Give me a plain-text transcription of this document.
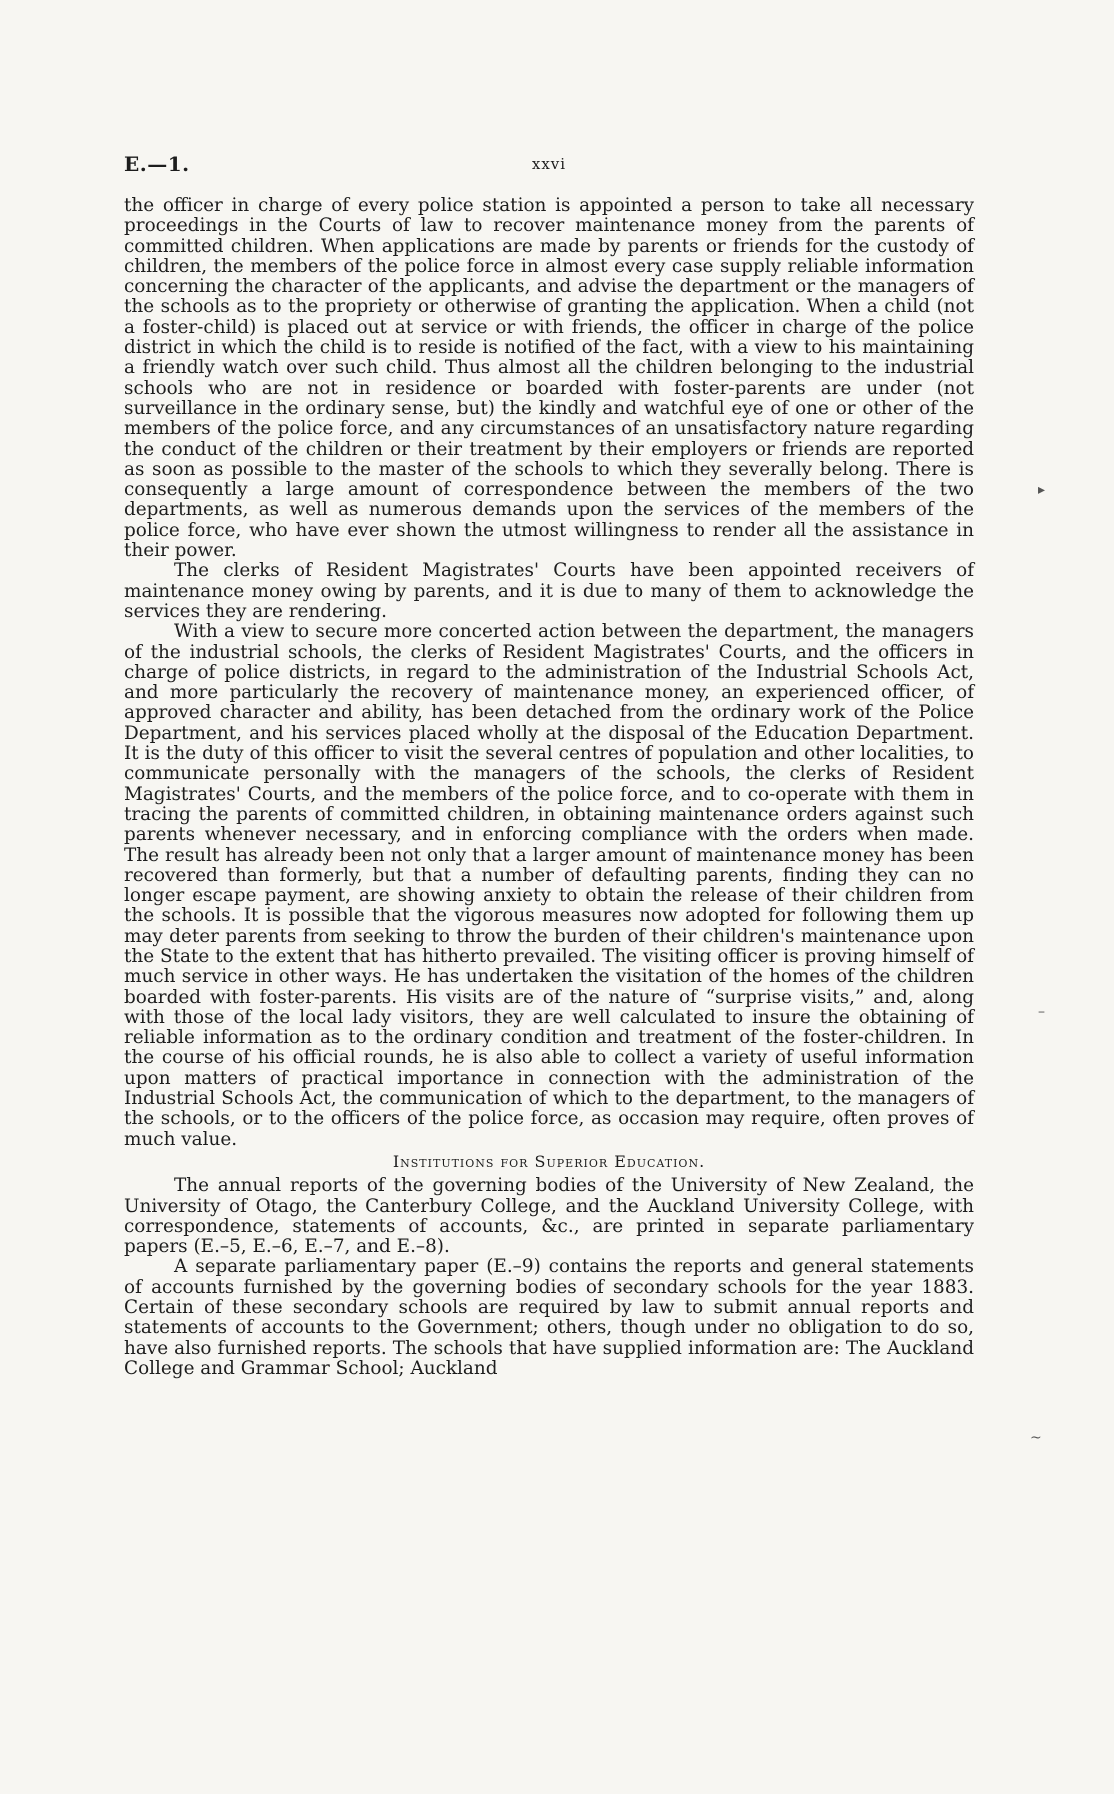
E.—1.	xxvi

the officer in charge of every police station is appointed a person to take all necessary proceedings in the Courts of law to recover maintenance money from the parents of committed children. When applications are made by parents or friends for the custody of children, the members of the police force in almost every case supply reliable information concerning the character of the applicants, and advise the department or the managers of the schools as to the propriety or otherwise of granting the application. When a child (not a foster-child) is placed out at service or with friends, the officer in charge of the police district in which the child is to reside is notified of the fact, with a view to his maintaining a friendly watch over such child. Thus almost all the children belonging to the industrial schools who are not in residence or boarded with foster-parents are under (not surveillance in the ordinary sense, but) the kindly and watchful eye of one or other of the members of the police force, and any circumstances of an unsatisfactory nature regarding the conduct of the children or their treatment by their employers or friends are reported as soon as possible to the master of the schools to which they severally belong. There is consequently a large amount of correspondence between the members of the two departments, as well as numerous demands upon the services of the members of the police force, who have ever shown the utmost willingness to render all the assistance in their power.

The clerks of Resident Magistrates' Courts have been appointed receivers of maintenance money owing by parents, and it is due to many of them to acknowledge the services they are rendering.

With a view to secure more concerted action between the department, the managers of the industrial schools, the clerks of Resident Magistrates' Courts, and the officers in charge of police districts, in regard to the administration of the Industrial Schools Act, and more particularly the recovery of maintenance money, an experienced officer, of approved character and ability, has been detached from the ordinary work of the Police Department, and his services placed wholly at the disposal of the Education Department. It is the duty of this officer to visit the several centres of population and other localities, to communicate personally with the managers of the schools, the clerks of Resident Magistrates' Courts, and the members of the police force, and to co-operate with them in tracing the parents of committed children, in obtaining maintenance orders against such parents whenever necessary, and in enforcing compliance with the orders when made. The result has already been not only that a larger amount of maintenance money has been recovered than formerly, but that a number of defaulting parents, finding they can no longer escape payment, are showing anxiety to obtain the release of their children from the schools. It is possible that the vigorous measures now adopted for following them up may deter parents from seeking to throw the burden of their children's maintenance upon the State to the extent that has hitherto prevailed. The visiting officer is proving himself of much service in other ways. He has undertaken the visitation of the homes of the children boarded with foster-parents. His visits are of the nature of “surprise visits,” and, along with those of the local lady visitors, they are well calculated to insure the obtaining of reliable information as to the ordinary condition and treatment of the foster-children. In the course of his official rounds, he is also able to collect a variety of useful information upon matters of practical importance in connection with the administration of the Industrial Schools Act, the communication of which to the department, to the managers of the schools, or to the officers of the police force, as occasion may require, often proves of much value.

Institutions for Superior Education.

The annual reports of the governing bodies of the University of New Zealand, the University of Otago, the Canterbury College, and the Auckland University College, with correspondence, statements of accounts, &c., are printed in separate parliamentary papers (E.–5, E.–6, E.–7, and E.–8).

A separate parliamentary paper (E.–9) contains the reports and general statements of accounts furnished by the governing bodies of secondary schools for the year 1883. Certain of these secondary schools are required by law to submit annual reports and statements of accounts to the Government; others, though under no obligation to do so, have also furnished reports. The schools that have supplied information are: The Auckland College and Grammar School; Auckland

▸
–
~
